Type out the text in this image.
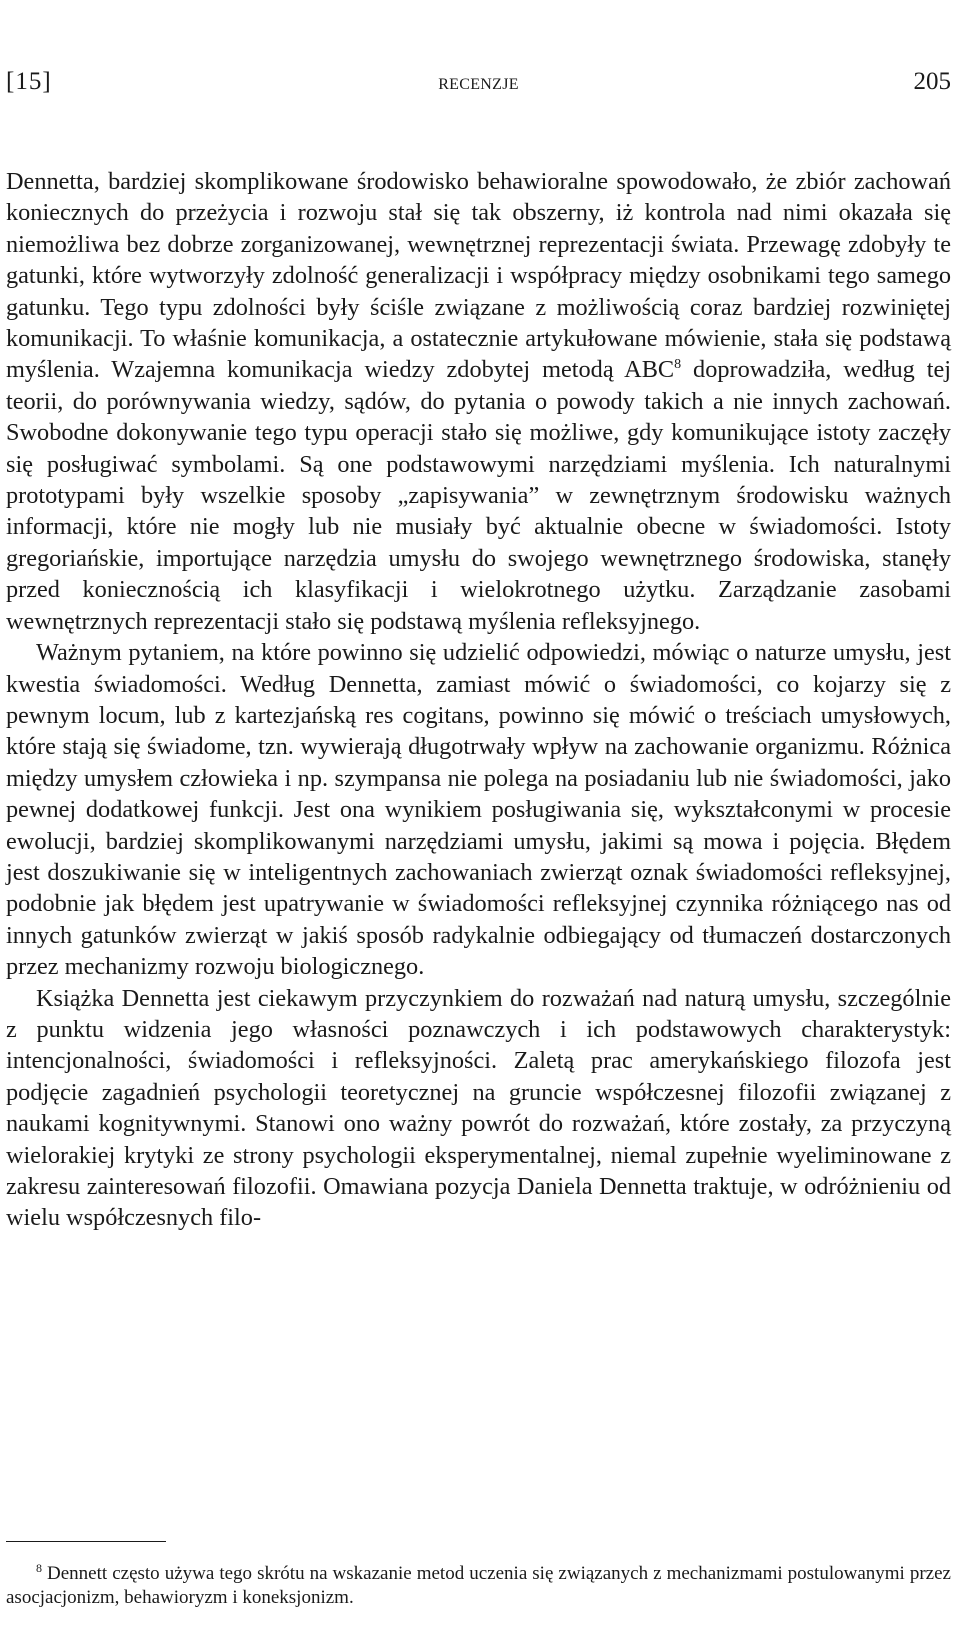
[15]	RECENZJE	205

Dennetta, bardziej skomplikowane środowisko behawioralne spowodowało, że zbiór zachowań koniecznych do przeżycia i rozwoju stał się tak obszerny, iż kontrola nad nimi okazała się niemożliwa bez dobrze zorganizowanej, wewnętrznej reprezentacji świata. Przewagę zdobyły te gatunki, które wytworzyły zdolność generalizacji i współpracy między osobnikami tego samego gatunku. Tego typu zdolności były ściśle związane z możliwością coraz bardziej rozwiniętej komunikacji. To właśnie komunikacja, a ostatecznie artykułowane mówienie, stała się podstawą myślenia. Wzajemna komunikacja wiedzy zdobytej metodą ABC$^8$ doprowadziła, według tej teorii, do porównywania wiedzy, sądów, do pytania o powody takich a nie innych zachowań. Swobodne dokonywanie tego typu operacji stało się możliwe, gdy komunikujące istoty zaczęły się posługiwać symbolami. Są one podstawowymi narzędziami myślenia. Ich naturalnymi prototypami były wszelkie sposoby „zapisywania” w zewnętrznym środowisku ważnych informacji, które nie mogły lub nie musiały być aktualnie obecne w świadomości. Istoty gregoriańskie, importujące narzędzia umysłu do swojego wewnętrznego środowiska, stanęły przed koniecznością ich klasyfikacji i wielokrotnego użytku. Zarządzanie zasobami wewnętrznych reprezentacji stało się podstawą myślenia refleksyjnego.

Ważnym pytaniem, na które powinno się udzielić odpowiedzi, mówiąc o naturze umysłu, jest kwestia świadomości. Według Dennetta, zamiast mówić o świadomości, co kojarzy się z pewnym locum, lub z kartezjańską res cogitans, powinno się mówić o treściach umysłowych, które stają się świadome, tzn. wywierają długotrwały wpływ na zachowanie organizmu. Różnica między umysłem człowieka i np. szympansa nie polega na posiadaniu lub nie świadomości, jako pewnej dodatkowej funkcji. Jest ona wynikiem posługiwania się, wykształconymi w procesie ewolucji, bardziej skomplikowanymi narzędziami umysłu, jakimi są mowa i pojęcia. Błędem jest doszukiwanie się w inteligentnych zachowaniach zwierząt oznak świadomości refleksyjnej, podobnie jak błędem jest upatrywanie w świadomości refleksyjnej czynnika różniącego nas od innych gatunków zwierząt w jakiś sposób radykalnie odbiegający od tłumaczeń dostarczonych przez mechanizmy rozwoju biologicznego.

Książka Dennetta jest ciekawym przyczynkiem do rozważań nad naturą umysłu, szczególnie z punktu widzenia jego własności poznawczych i ich podstawowych charakterystyk: intencjonalności, świadomości i refleksyjności. Zaletą prac amerykańskiego filozofa jest podjęcie zagadnień psychologii teoretycznej na gruncie współczesnej filozofii związanej z naukami kognitywnymi. Stanowi ono ważny powrót do rozważań, które zostały, za przyczyną wielorakiej krytyki ze strony psychologii eksperymentalnej, niemal zupełnie wyeliminowane z zakresu zainteresowań filozofii. Omawiana pozycja Daniela Dennetta traktuje, w odróżnieniu od wielu współczesnych filo-

$^8$ Dennett często używa tego skrótu na wskazanie metod uczenia się związanych z mechanizmami postulowanymi przez asocjacjonizm, behawioryzm i koneksjonizm.
